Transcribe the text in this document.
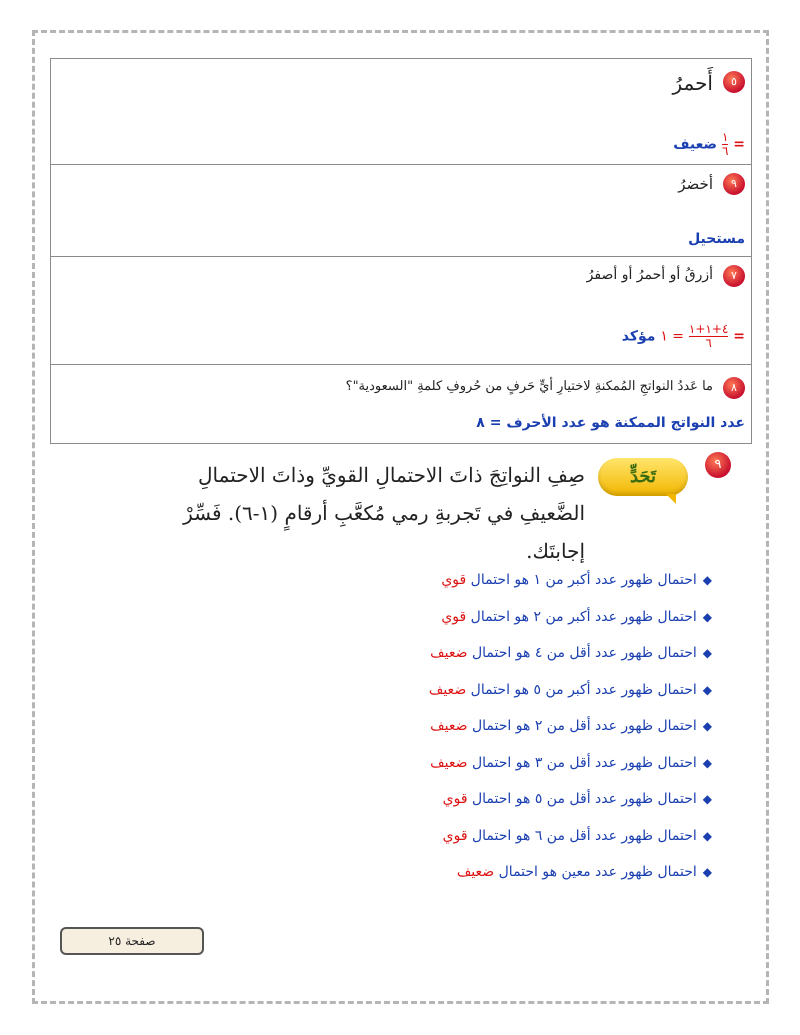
٥
أَحمرُ
=
$\frac{١}{٦}$
ضعيف
٩
أخضرُ
مستحيل
٧
أزرقُ أو أحمرُ أو أصفرُ
=
$\frac{٤+١+١}{٦}$
= ١ مؤكد
٨
ما عَددُ النواتجِ المُمكنةِ لاختيارِ أيٍّ حَرفٍ من حُروفِ كلمةِ "السعودية"؟
عدد النواتج الممكنة هو عدد الأحرف = ٨
٩
تَحَدٍّ
صِفِ النواتِجَ ذاتَ الاحتمالِ القويِّ وذاتَ الاحتمالِ الضَّعيفِ في تَجربةِ رمي مُكعَّبِ أرقامٍ (١-٦). فَسِّرْ إجابتَك.
◆احتمال ظهور عدد أكبر من ١ هو احتمال قوي
◆احتمال ظهور عدد أكبر من ٢ هو احتمال قوي
◆احتمال ظهور عدد أقل من ٤ هو احتمال ضعيف
◆احتمال ظهور عدد أكبر من ٥ هو احتمال ضعيف
◆احتمال ظهور عدد أقل من ٢ هو احتمال ضعيف
◆احتمال ظهور عدد أقل من ٣ هو احتمال ضعيف
◆احتمال ظهور عدد أقل من ٥ هو احتمال قوي
◆احتمال ظهور عدد أقل من ٦ هو احتمال قوي
◆احتمال ظهور عدد معين هو احتمال ضعيف
صفحة ٢٥
